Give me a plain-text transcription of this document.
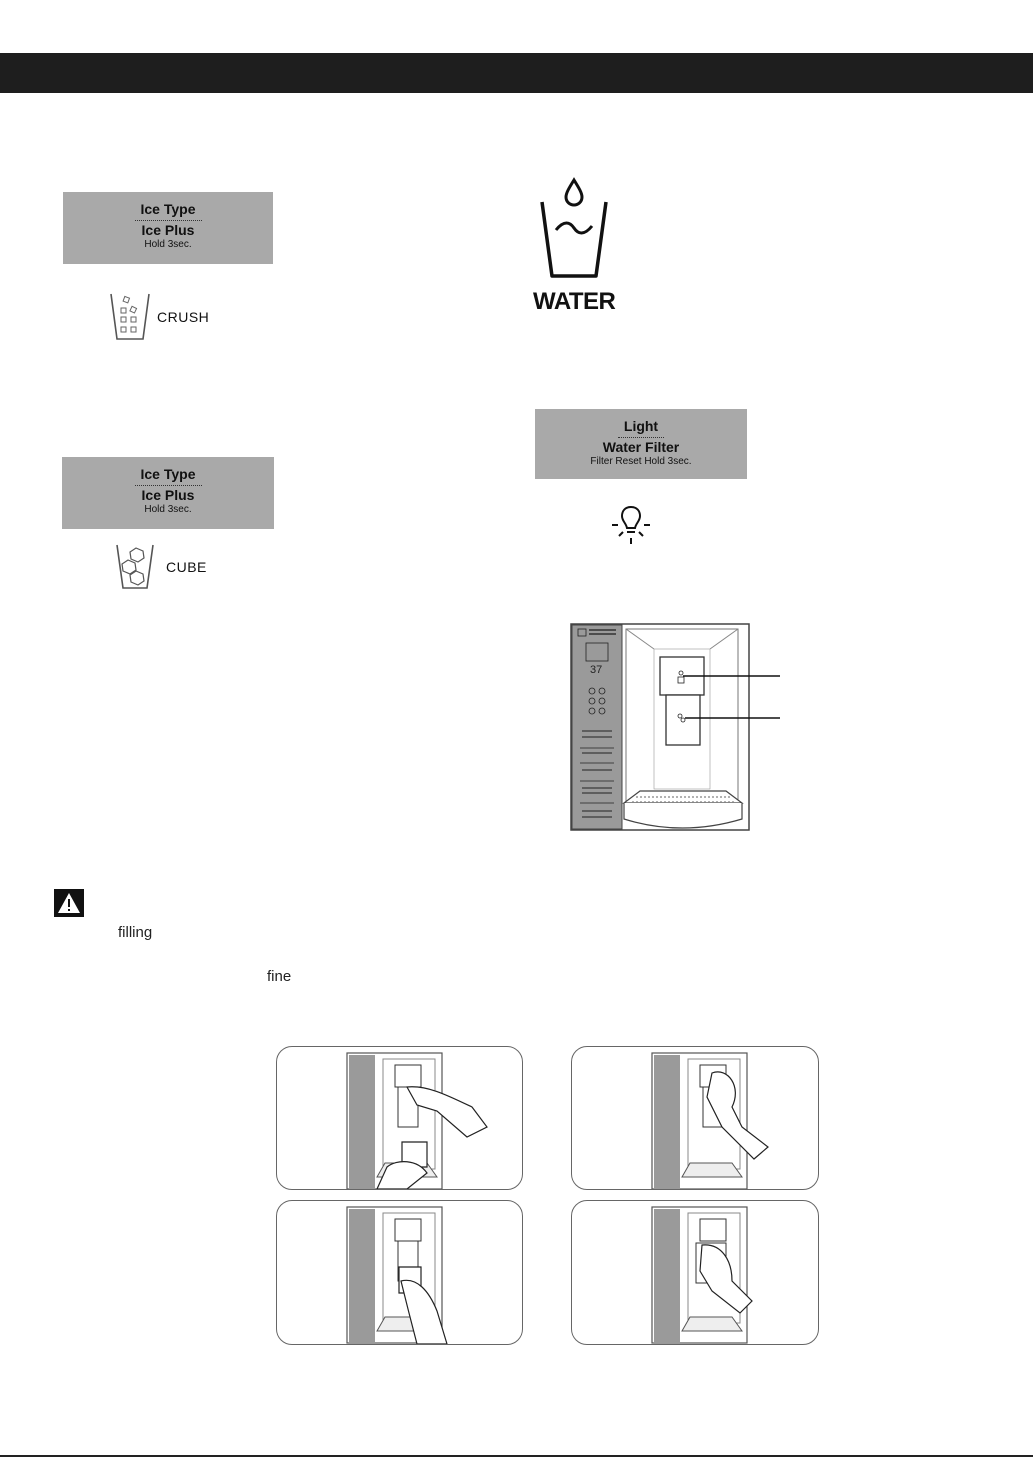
Ice Type
Ice Plus
Hold 3sec.
CRUSH
Ice Type
Ice Plus
Hold 3sec.
CUBE
WATER
Light
Water Filter
Filter Reset Hold 3sec.
37
filling
fine
